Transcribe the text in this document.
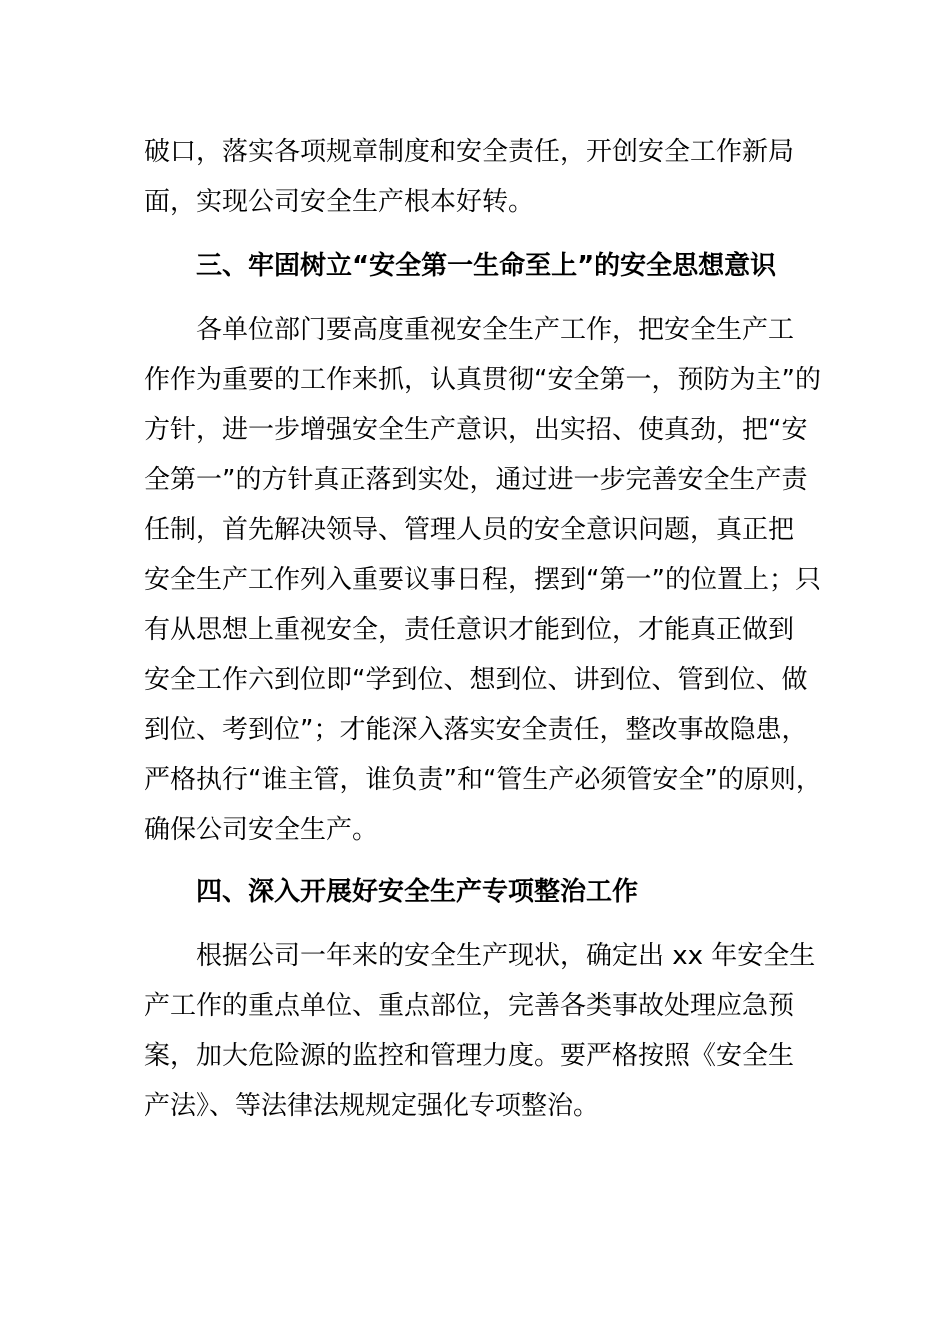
破口，落实各项规章制度和安全责任，开创安全工作新局
面，实现公司安全生产根本好转。
三、牢固树立“安全第一生命至上”的安全思想意识
各单位部门要高度重视安全生产工作，把安全生产工
作作为重要的工作来抓，认真贯彻“安全第一，预防为主”的
方针，进一步增强安全生产意识，出实招、使真劲，把“安
全第一”的方针真正落到实处，通过进一步完善安全生产责
任制，首先解决领导、管理人员的安全意识问题，真正把
安全生产工作列入重要议事日程，摆到“第一”的位置上；只
有从思想上重视安全，责任意识才能到位，才能真正做到
安全工作六到位即“学到位、想到位、讲到位、管到位、做
到位、考到位”；才能深入落实安全责任，整改事故隐患，
严格执行“谁主管，谁负责”和“管生产必须管安全”的原则，
确保公司安全生产。
四、深入开展好安全生产专项整治工作
根据公司一年来的安全生产现状，确定出 xx 年安全生
产工作的重点单位、重点部位，完善各类事故处理应急预
案，加大危险源的监控和管理力度。要严格按照《安全生
产法》、等法律法规规定强化专项整治。
